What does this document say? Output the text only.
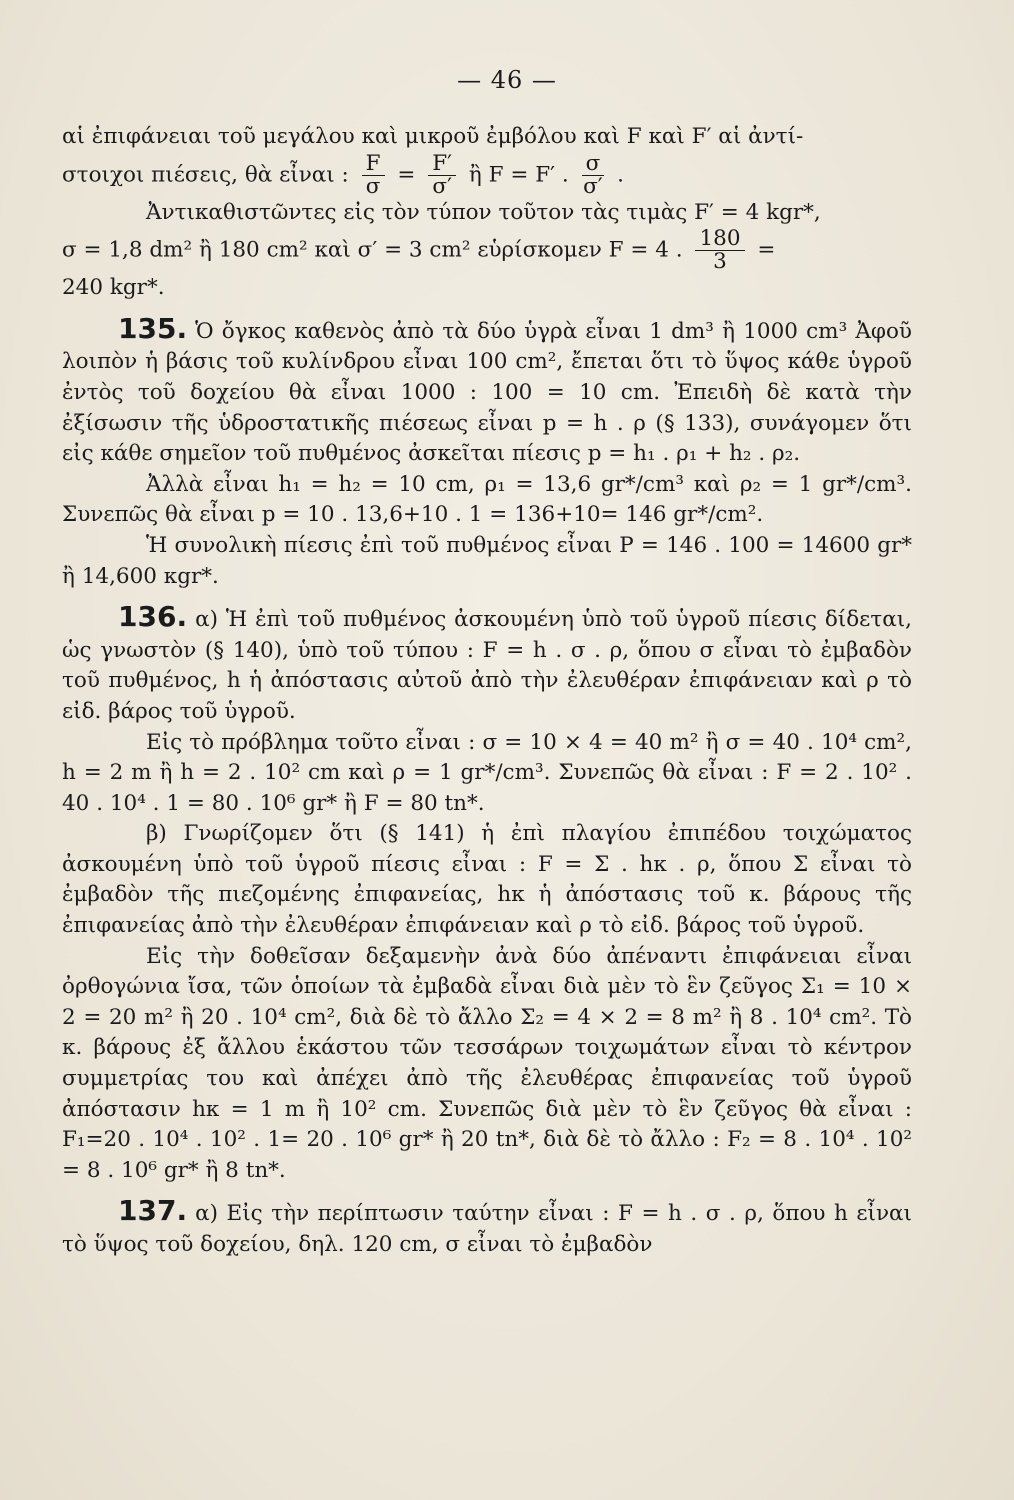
— 46 —

αἱ ἐπιφάνειαι τοῦ μεγάλου καὶ μικροῦ ἐμβόλου καὶ F καὶ F′ αἱ ἀντί-

στοιχοι πιέσεις, θὰ εἶναι : $\frac{F}{\sigma} = \frac{F'}{\sigma'}$ ἢ F = F′ . $\frac{\sigma}{\sigma'}$ .

Ἀντικαθιστῶντες εἰς τὸν τύπον τοῦτον τὰς τιμὰς F′ = 4 kgr*,

σ = 1,8 dm² ἢ 180 cm² καὶ σ′ = 3 cm² εὑρίσκομεν F = 4 . $\frac{180}{3}$ =

240 kgr*.

135. Ὁ ὄγκος καθενὸς ἀπὸ τὰ δύο ὑγρὰ εἶναι 1 dm³ ἢ 1000 cm³ Ἀφοῦ λοιπὸν ἡ βάσις τοῦ κυλίνδρου εἶναι 100 cm², ἔπεται ὅτι τὸ ὕψος κάθε ὑγροῦ ἐντὸς τοῦ δοχείου θὰ εἶναι 1000 : 100 = 10 cm. Ἐπειδὴ δὲ κατὰ τὴν ἐξίσωσιν τῆς ὑδροστατικῆς πιέσεως εἶναι p = h . ρ (§ 133), συνάγομεν ὅτι εἰς κάθε σημεῖον τοῦ πυθμένος ἀσκεῖται πίεσις p = h₁ . ρ₁ + h₂ . ρ₂.

Ἀλλὰ εἶναι h₁ = h₂ = 10 cm, ρ₁ = 13,6 gr*/cm³ καὶ ρ₂ = 1 gr*/cm³. Συνεπῶς θὰ εἶναι p = 10 . 13,6+10 . 1 = 136+10= 146 gr*/cm².

Ἡ συνολικὴ πίεσις ἐπὶ τοῦ πυθμένος εἶναι P = 146 . 100 = 14600 gr* ἢ 14,600 κgr*.

136. α) Ἡ ἐπὶ τοῦ πυθμένος ἀσκουμένη ὑπὸ τοῦ ὑγροῦ πίεσις δίδεται, ὡς γνωστὸν (§ 140), ὑπὸ τοῦ τύπου : F = h . σ . ρ, ὅπου σ εἶναι τὸ ἐμβαδὸν τοῦ πυθμένος, h ἡ ἀπόστασις αὐτοῦ ἀπὸ τὴν ἐλευθέραν ἐπιφάνειαν καὶ ρ τὸ εἰδ. βάρος τοῦ ὑγροῦ.

Εἰς τὸ πρόβλημα τοῦτο εἶναι : σ = 10 × 4 = 40 m² ἢ σ = 40 . 10⁴ cm², h = 2 m ἢ h = 2 . 10² cm καὶ ρ = 1 gr*/cm³. Συνεπῶς θὰ εἶναι : F = 2 . 10² . 40 . 10⁴ . 1 = 80 . 10⁶ gr* ἢ F = 80 tn*.

β) Γνωρίζομεν ὅτι (§ 141) ἡ ἐπὶ πλαγίου ἐπιπέδου τοιχώματος ἀσκουμένη ὑπὸ τοῦ ὑγροῦ πίεσις εἶναι : F = Σ . hκ . ρ, ὅπου Σ εἶναι τὸ ἐμβαδὸν τῆς πιεζομένης ἐπιφανείας, hκ ἡ ἀπόστασις τοῦ κ. βάρους τῆς ἐπιφανείας ἀπὸ τὴν ἐλευθέραν ἐπιφάνειαν καὶ ρ τὸ εἰδ. βάρος τοῦ ὑγροῦ.

Εἰς τὴν δοθεῖσαν δεξαμενὴν ἀνὰ δύο ἀπέναντι ἐπιφάνειαι εἶναι ὀρθογώνια ἴσα, τῶν ὁποίων τὰ ἐμβαδὰ εἶναι διὰ μὲν τὸ ἓν ζεῦγος Σ₁ = 10 × 2 = 20 m² ἢ 20 . 10⁴ cm², διὰ δὲ τὸ ἄλλο Σ₂ = 4 × 2 = 8 m² ἢ 8 . 10⁴ cm². Τὸ κ. βάρους ἐξ ἄλλου ἑκάστου τῶν τεσσάρων τοιχωμάτων εἶναι τὸ κέντρον συμμετρίας του καὶ ἀπέχει ἀπὸ τῆς ἐλευθέρας ἐπιφανείας τοῦ ὑγροῦ ἀπόστασιν hκ = 1 m ἢ 10² cm. Συνεπῶς διὰ μὲν τὸ ἓν ζεῦγος θὰ εἶναι : F₁=20 . 10⁴ . 10² . 1= 20 . 10⁶ gr* ἢ 20 tn*, διὰ δὲ τὸ ἄλλο : F₂ = 8 . 10⁴ . 10² = 8 . 10⁶ gr* ἢ 8 tn*.

137. α) Εἰς τὴν περίπτωσιν ταύτην εἶναι : F = h . σ . ρ, ὅπου h εἶναι τὸ ὕψος τοῦ δοχείου, δηλ. 120 cm, σ εἶναι τὸ ἐμβαδὸν
